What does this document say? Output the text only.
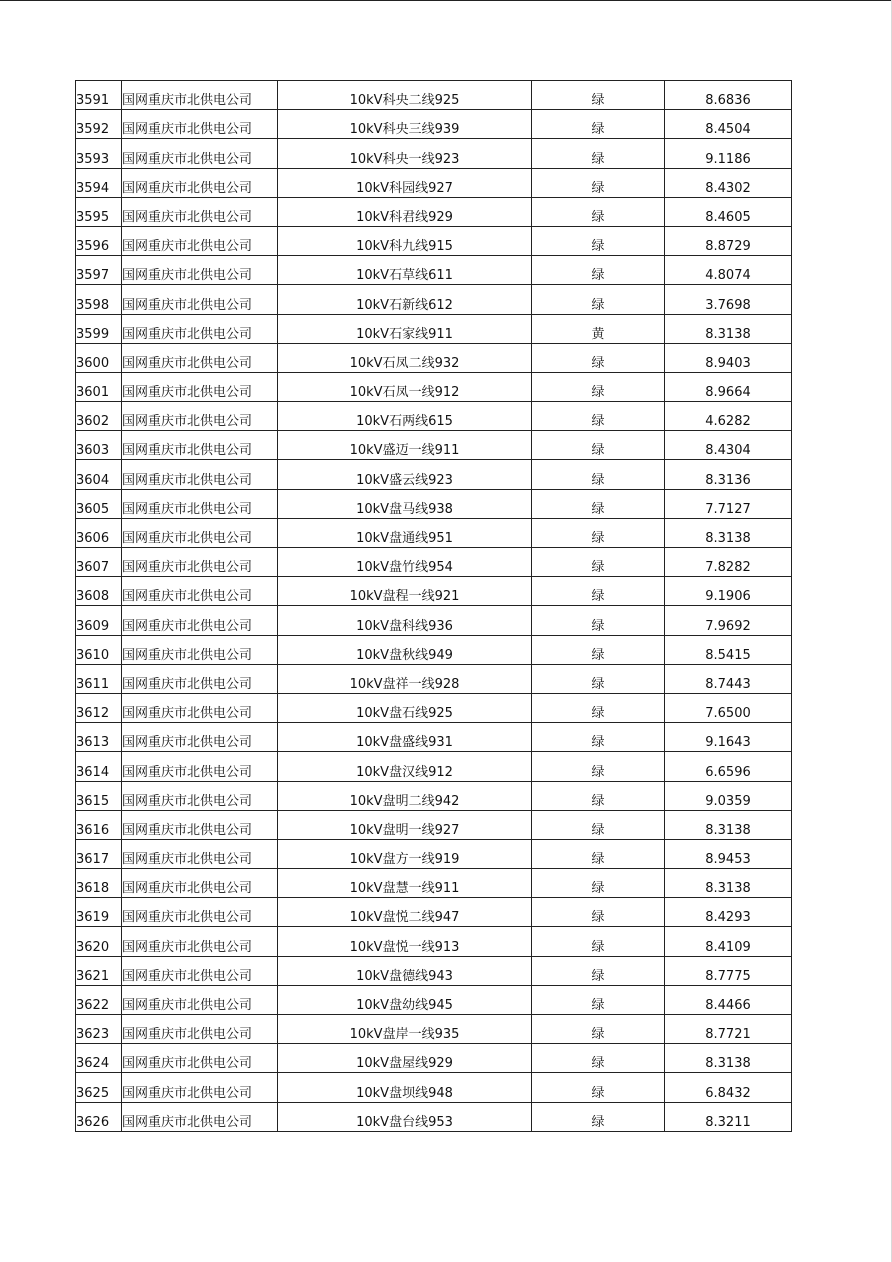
3591	国网重庆市北供电公司	10kV科央二线925	绿	8.6836
3592	国网重庆市北供电公司	10kV科央三线939	绿	8.4504
3593	国网重庆市北供电公司	10kV科央一线923	绿	9.1186
3594	国网重庆市北供电公司	10kV科园线927	绿	8.4302
3595	国网重庆市北供电公司	10kV科君线929	绿	8.4605
3596	国网重庆市北供电公司	10kV科九线915	绿	8.8729
3597	国网重庆市北供电公司	10kV石草线611	绿	4.8074
3598	国网重庆市北供电公司	10kV石新线612	绿	3.7698
3599	国网重庆市北供电公司	10kV石家线911	黄	8.3138
3600	国网重庆市北供电公司	10kV石凤二线932	绿	8.9403
3601	国网重庆市北供电公司	10kV石凤一线912	绿	8.9664
3602	国网重庆市北供电公司	10kV石两线615	绿	4.6282
3603	国网重庆市北供电公司	10kV盛迈一线911	绿	8.4304
3604	国网重庆市北供电公司	10kV盛云线923	绿	8.3136
3605	国网重庆市北供电公司	10kV盘马线938	绿	7.7127
3606	国网重庆市北供电公司	10kV盘通线951	绿	8.3138
3607	国网重庆市北供电公司	10kV盘竹线954	绿	7.8282
3608	国网重庆市北供电公司	10kV盘程一线921	绿	9.1906
3609	国网重庆市北供电公司	10kV盘科线936	绿	7.9692
3610	国网重庆市北供电公司	10kV盘秋线949	绿	8.5415
3611	国网重庆市北供电公司	10kV盘祥一线928	绿	8.7443
3612	国网重庆市北供电公司	10kV盘石线925	绿	7.6500
3613	国网重庆市北供电公司	10kV盘盛线931	绿	9.1643
3614	国网重庆市北供电公司	10kV盘汉线912	绿	6.6596
3615	国网重庆市北供电公司	10kV盘明二线942	绿	9.0359
3616	国网重庆市北供电公司	10kV盘明一线927	绿	8.3138
3617	国网重庆市北供电公司	10kV盘方一线919	绿	8.9453
3618	国网重庆市北供电公司	10kV盘慧一线911	绿	8.3138
3619	国网重庆市北供电公司	10kV盘悦二线947	绿	8.4293
3620	国网重庆市北供电公司	10kV盘悦一线913	绿	8.4109
3621	国网重庆市北供电公司	10kV盘德线943	绿	8.7775
3622	国网重庆市北供电公司	10kV盘幼线945	绿	8.4466
3623	国网重庆市北供电公司	10kV盘岸一线935	绿	8.7721
3624	国网重庆市北供电公司	10kV盘屋线929	绿	8.3138
3625	国网重庆市北供电公司	10kV盘坝线948	绿	6.8432
3626	国网重庆市北供电公司	10kV盘台线953	绿	8.3211
